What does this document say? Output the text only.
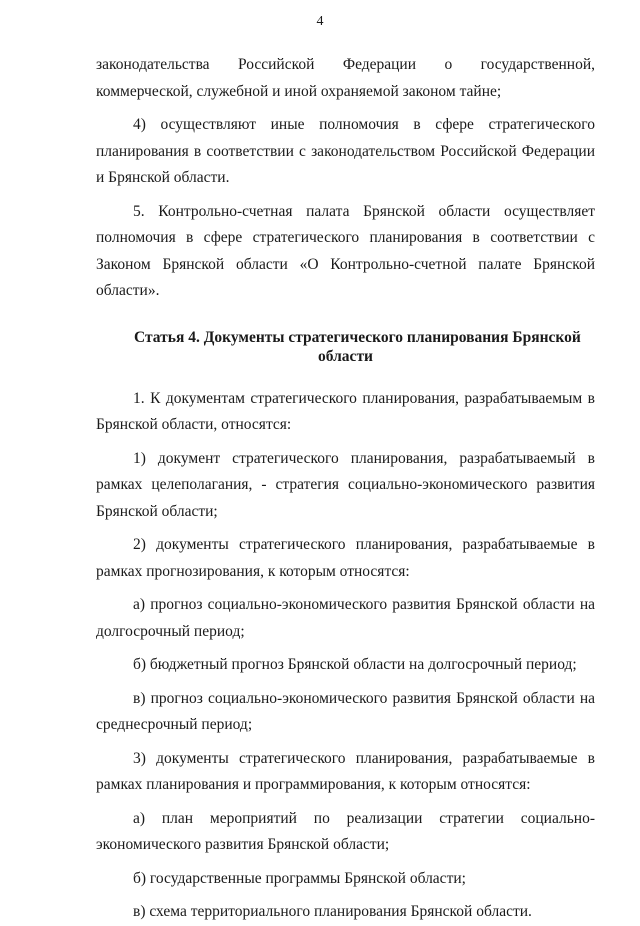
4

законодательства Российской Федерации о государственной, коммерческой, служебной и иной охраняемой законом тайне;

4) осуществляют иные полномочия в сфере стратегического планирования в соответствии с законодательством Российской Федерации и Брянской области.

5. Контрольно-счетная палата Брянской области осуществляет полномочия в сфере стратегического планирования в соответствии с Законом Брянской области «О Контрольно-счетной палате Брянской области».

Статья 4. Документы стратегического планирования Брянской
области

1. К документам стратегического планирования, разрабатываемым в Брянской области, относятся:

1) документ стратегического планирования, разрабатываемый в рамках целеполагания, - стратегия социально-экономического развития Брянской области;

2) документы стратегического планирования, разрабатываемые в рамках прогнозирования, к которым относятся:

а) прогноз социально-экономического развития Брянской области на долгосрочный период;

б) бюджетный прогноз Брянской области на долгосрочный период;

в) прогноз социально-экономического развития Брянской области на среднесрочный период;

3) документы стратегического планирования, разрабатываемые в рамках планирования и программирования, к которым относятся:

а) план мероприятий по реализации стратегии социально-экономического развития Брянской области;

б) государственные программы Брянской области;

в) схема территориального планирования Брянской области.
